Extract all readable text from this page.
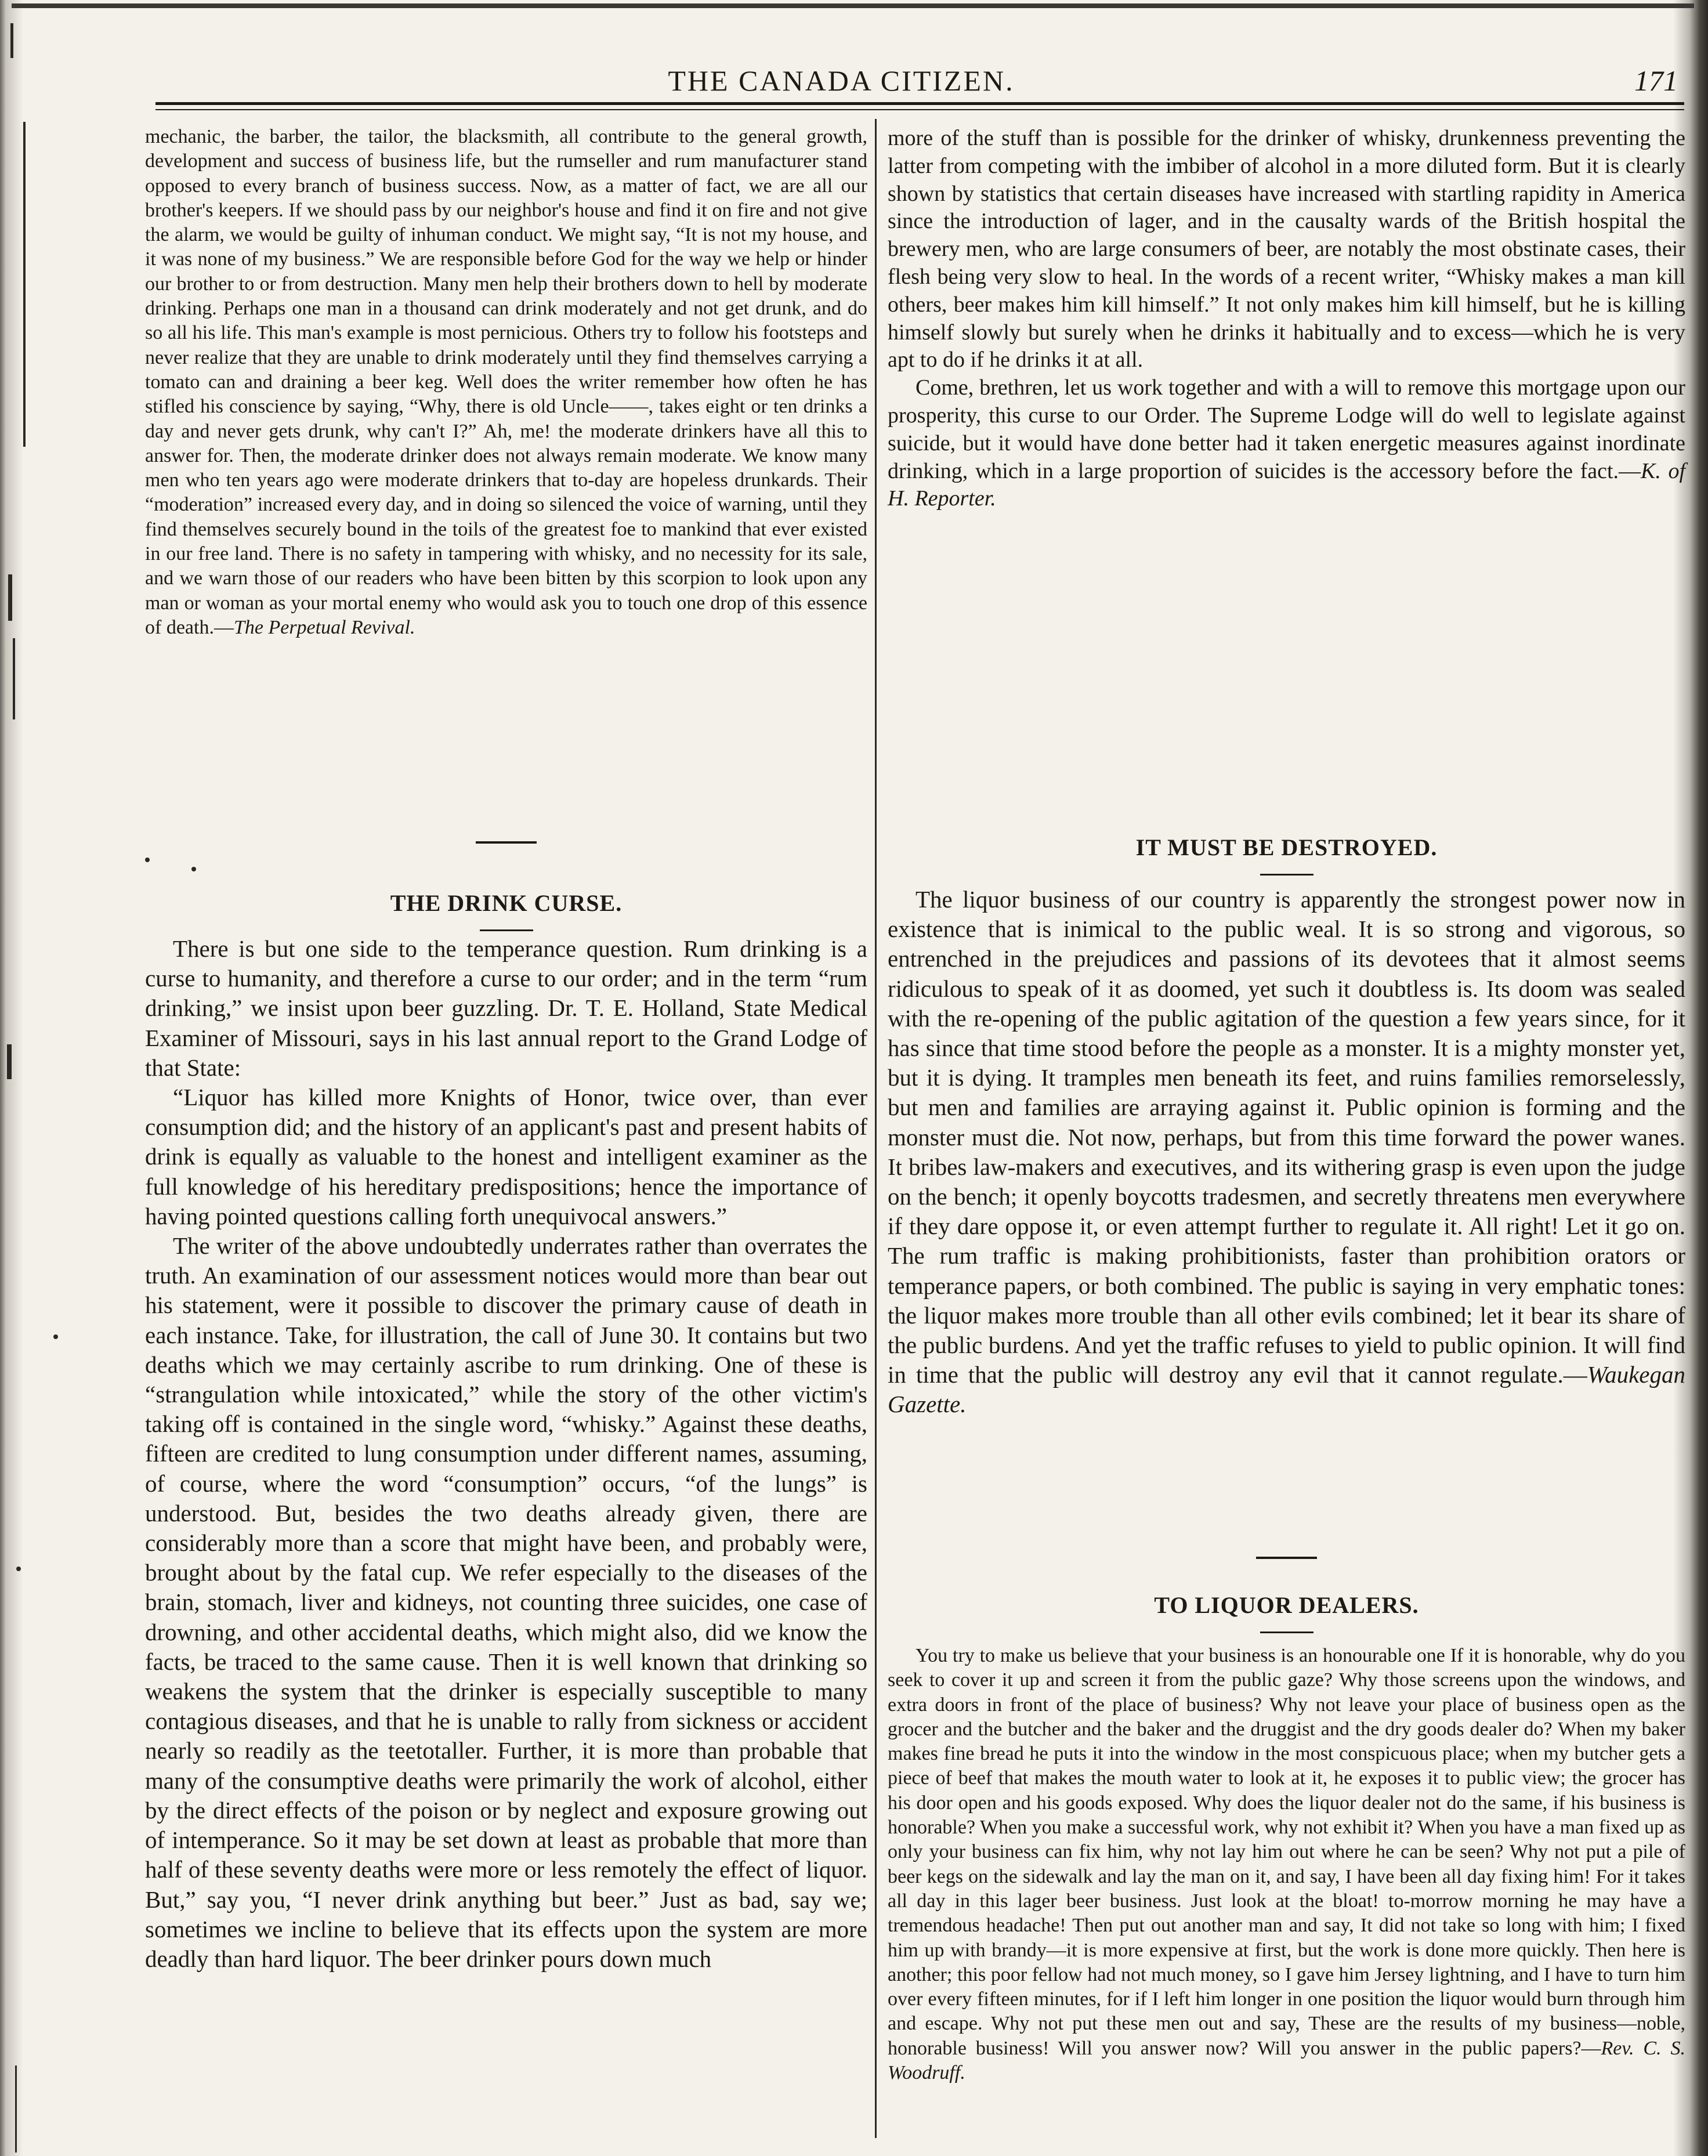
THE CANADA CITIZEN.	171

mechanic, the barber, the tailor, the blacksmith, all contribute to the general growth, development and success of business life, but the rumseller and rum manufacturer stand opposed to every branch of business success. Now, as a matter of fact, we are all our brother's keepers. If we should pass by our neighbor's house and find it on fire and not give the alarm, we would be guilty of inhuman conduct. We might say, “It is not my house, and it was none of my business.” We are responsible before God for the way we help or hinder our brother to or from destruction. Many men help their brothers down to hell by moderate drinking. Perhaps one man in a thousand can drink moderately and not get drunk, and do so all his life. This man's example is most pernicious. Others try to follow his footsteps and never realize that they are unable to drink moderately until they find themselves carrying a tomato can and draining a beer keg. Well does the writer remember how often he has stifled his conscience by saying, “Why, there is old Uncle——, takes eight or ten drinks a day and never gets drunk, why can't I?” Ah, me! the moderate drinkers have all this to answer for. Then, the moderate drinker does not always remain moderate. We know many men who ten years ago were moderate drinkers that to-day are hopeless drunkards. Their “moderation” increased every day, and in doing so silenced the voice of warning, until they find themselves securely bound in the toils of the greatest foe to mankind that ever existed in our free land. There is no safety in tampering with whisky, and no necessity for its sale, and we warn those of our readers who have been bitten by this scorpion to look upon any man or woman as your mortal enemy who would ask you to touch one drop of this essence of death.—The Perpetual Revival.

THE DRINK CURSE.

There is but one side to the temperance question. Rum drinking is a curse to humanity, and therefore a curse to our order; and in the term “rum drinking,” we insist upon beer guzzling. Dr. T. E. Holland, State Medical Examiner of Missouri, says in his last annual report to the Grand Lodge of that State:

“Liquor has killed more Knights of Honor, twice over, than ever consumption did; and the history of an applicant's past and present habits of drink is equally as valuable to the honest and intelligent examiner as the full knowledge of his hereditary predispositions; hence the importance of having pointed questions calling forth unequivocal answers.”

The writer of the above undoubtedly underrates rather than overrates the truth. An examination of our assessment notices would more than bear out his statement, were it possible to discover the primary cause of death in each instance. Take, for illustration, the call of June 30. It contains but two deaths which we may certainly ascribe to rum drinking. One of these is “strangulation while intoxicated,” while the story of the other victim's taking off is contained in the single word, “whisky.” Against these deaths, fifteen are credited to lung consumption under different names, assuming, of course, where the word “consumption” occurs, “of the lungs” is understood. But, besides the two deaths already given, there are considerably more than a score that might have been, and probably were, brought about by the fatal cup. We refer especially to the diseases of the brain, stomach, liver and kidneys, not counting three suicides, one case of drowning, and other accidental deaths, which might also, did we know the facts, be traced to the same cause. Then it is well known that drinking so weakens the system that the drinker is especially susceptible to many contagious diseases, and that he is unable to rally from sickness or accident nearly so readily as the teetotaller. Further, it is more than probable that many of the consumptive deaths were primarily the work of alcohol, either by the direct effects of the poison or by neglect and exposure growing out of intemperance. So it may be set down at least as probable that more than half of these seventy deaths were more or less remotely the effect of liquor. But,” say you, “I never drink anything but beer.” Just as bad, say we; sometimes we incline to believe that its effects upon the system are more deadly than hard liquor. The beer drinker pours down much

more of the stuff than is possible for the drinker of whisky, drunkenness preventing the latter from competing with the imbiber of alcohol in a more diluted form. But it is clearly shown by statistics that certain diseases have increased with startling rapidity in America since the introduction of lager, and in the causalty wards of the British hospital the brewery men, who are large consumers of beer, are notably the most obstinate cases, their flesh being very slow to heal. In the words of a recent writer, “Whisky makes a man kill others, beer makes him kill himself.” It not only makes him kill himself, but he is killing himself slowly but surely when he drinks it habitually and to excess—which he is very apt to do if he drinks it at all.

Come, brethren, let us work together and with a will to remove this mortgage upon our prosperity, this curse to our Order. The Supreme Lodge will do well to legislate against suicide, but it would have done better had it taken energetic measures against inordinate drinking, which in a large proportion of suicides is the accessory before the fact.—K. of H. Reporter.

IT MUST BE DESTROYED.

The liquor business of our country is apparently the strongest power now in existence that is inimical to the public weal. It is so strong and vigorous, so entrenched in the prejudices and passions of its devotees that it almost seems ridiculous to speak of it as doomed, yet such it doubtless is. Its doom was sealed with the re-opening of the public agitation of the question a few years since, for it has since that time stood before the people as a monster. It is a mighty monster yet, but it is dying. It tramples men beneath its feet, and ruins families remorselessly, but men and families are arraying against it. Public opinion is forming and the monster must die. Not now, perhaps, but from this time forward the power wanes. It bribes law-makers and executives, and its withering grasp is even upon the judge on the bench; it openly boycotts tradesmen, and secretly threatens men everywhere if they dare oppose it, or even attempt further to regulate it. All right! Let it go on. The rum traffic is making prohibitionists, faster than prohibition orators or temperance papers, or both combined. The public is saying in very emphatic tones: the liquor makes more trouble than all other evils combined; let it bear its share of the public burdens. And yet the traffic refuses to yield to public opinion. It will find in time that the public will destroy any evil that it cannot regulate.—Waukegan Gazette.

TO LIQUOR DEALERS.

You try to make us believe that your business is an honourable one If it is honorable, why do you seek to cover it up and screen it from the public gaze? Why those screens upon the windows, and extra doors in front of the place of business? Why not leave your place of business open as the grocer and the butcher and the baker and the druggist and the dry goods dealer do? When my baker makes fine bread he puts it into the window in the most conspicuous place; when my butcher gets a piece of beef that makes the mouth water to look at it, he exposes it to public view; the grocer has his door open and his goods exposed. Why does the liquor dealer not do the same, if his business is honorable? When you make a successful work, why not exhibit it? When you have a man fixed up as only your business can fix him, why not lay him out where he can be seen? Why not put a pile of beer kegs on the sidewalk and lay the man on it, and say, I have been all day fixing him! For it takes all day in this lager beer business. Just look at the bloat! to-morrow morning he may have a tremendous headache! Then put out another man and say, It did not take so long with him; I fixed him up with brandy—it is more expensive at first, but the work is done more quickly. Then here is another; this poor fellow had not much money, so I gave him Jersey lightning, and I have to turn him over every fifteen minutes, for if I left him longer in one position the liquor would burn through him and escape. Why not put these men out and say, These are the results of my business—noble, honorable business! Will you answer now? Will you answer in the public papers?—Rev. C. S. Woodruff.
